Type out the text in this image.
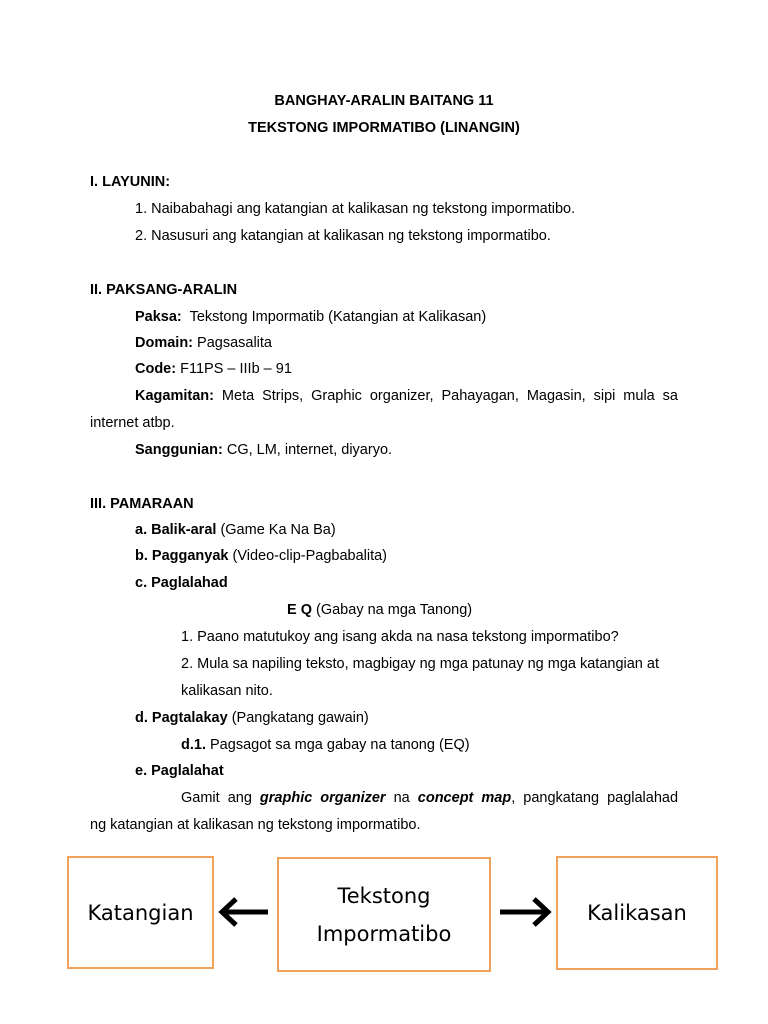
BANGHAY-ARALIN BAITANG 11
TEKSTONG IMPORMATIBO (LINANGIN)
I. LAYUNIN:
1. Naibabahagi ang katangian at kalikasan ng tekstong impormatibo.
2. Nasusuri ang katangian at kalikasan ng tekstong impormatibo.
II. PAKSANG-ARALIN
Paksa: Tekstong Impormatib (Katangian at Kalikasan)
Domain: Pagsasalita
Code: F11PS – IIIb – 91
Kagamitan: Meta Strips, Graphic organizer, Pahayagan, Magasin, sipi mula sa
internet atbp.
Sanggunian: CG, LM, internet, diyaryo.
III. PAMARAAN
a. Balik-aral (Game Ka Na Ba)
b. Pagganyak (Video-clip-Pagbabalita)
c. Paglalahad
E Q (Gabay na mga Tanong)
1. Paano matutukoy ang isang akda na nasa tekstong impormatibo?
2. Mula sa napiling teksto, magbigay ng mga patunay ng mga katangian at
kalikasan nito.
d. Pagtalakay (Pangkatang gawain)
d.1. Pagsagot sa mga gabay na tanong (EQ)
e. Paglalahat
Gamit ang graphic organizer na concept map, pangkatang paglalahad
ng katangian at kalikasan ng tekstong impormatibo.
Katangian
Tekstong
Impormatibo
Kalikasan
